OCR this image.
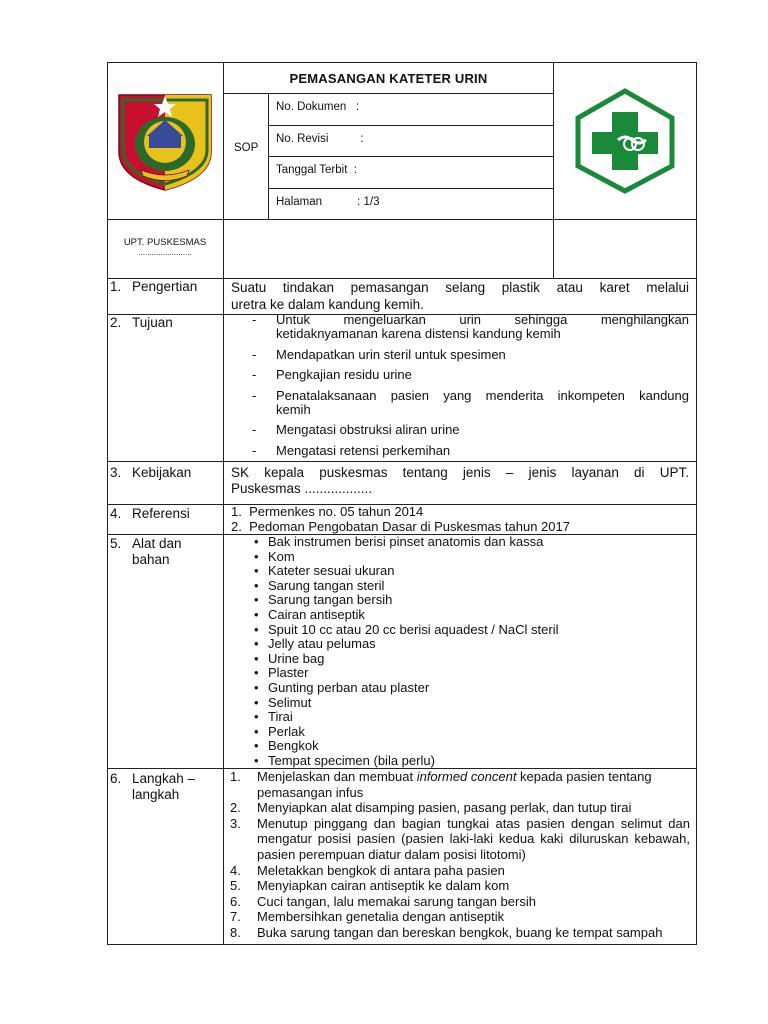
PEMASANGAN KATETER URIN
SOP
No. Dokumen   :
No. Revisi          :
Tanggal Terbit  :
Halaman           : 1/3
UPT. PUSKESMAS
........................
1. Pengertian	Suatu tindakan pemasangan selang plastik atau karet melalui
uretra ke dalam kandung kemih.
2. Tujuan	- Untuk mengeluarkan urin sehingga menghilangkan
ketidaknyamanan karena distensi kandung kemih
- Mendapatkan urin steril untuk spesimen
- Pengkajian residu urine
- Penatalaksanaan pasien yang menderita inkompeten kandung
kemih
- Mengatasi obstruksi aliran urine
- Mengatasi retensi perkemihan
3. Kebijakan	SK kepala puskesmas tentang jenis – jenis layanan di UPT.
Puskesmas ..................
4. Referensi	1. Permenkes no. 05 tahun 2014
2. Pedoman Pengobatan Dasar di Puskesmas tahun 2017
5. Alat dan bahan
• Bak instrumen berisi pinset anatomis dan kassa
• Kom
• Kateter sesuai ukuran
• Sarung tangan steril
• Sarung tangan bersih
• Cairan antiseptik
• Spuit 10 cc atau 20 cc berisi aquadest / NaCl steril
• Jelly atau pelumas
• Urine bag
• Plaster
• Gunting perban atau plaster
• Selimut
• Tirai
• Perlak
• Bengkok
• Tempat specimen (bila perlu)
6. Langkah – langkah
1. Menjelaskan dan membuat informed concent kepada pasien tentang pemasangan infus
2. Menyiapkan alat disamping pasien, pasang perlak, dan tutup tirai
3. Menutup pinggang dan bagian tungkai atas pasien dengan selimut dan mengatur posisi pasien (pasien laki-laki kedua kaki diluruskan kebawah, pasien perempuan diatur dalam posisi litotomi)
4. Meletakkan bengkok di antara paha pasien
5. Menyiapkan cairan antiseptik ke dalam kom
6. Cuci tangan, lalu memakai sarung tangan bersih
7. Membersihkan genetalia dengan antiseptik
8. Buka sarung tangan dan bereskan bengkok, buang ke tempat sampah
